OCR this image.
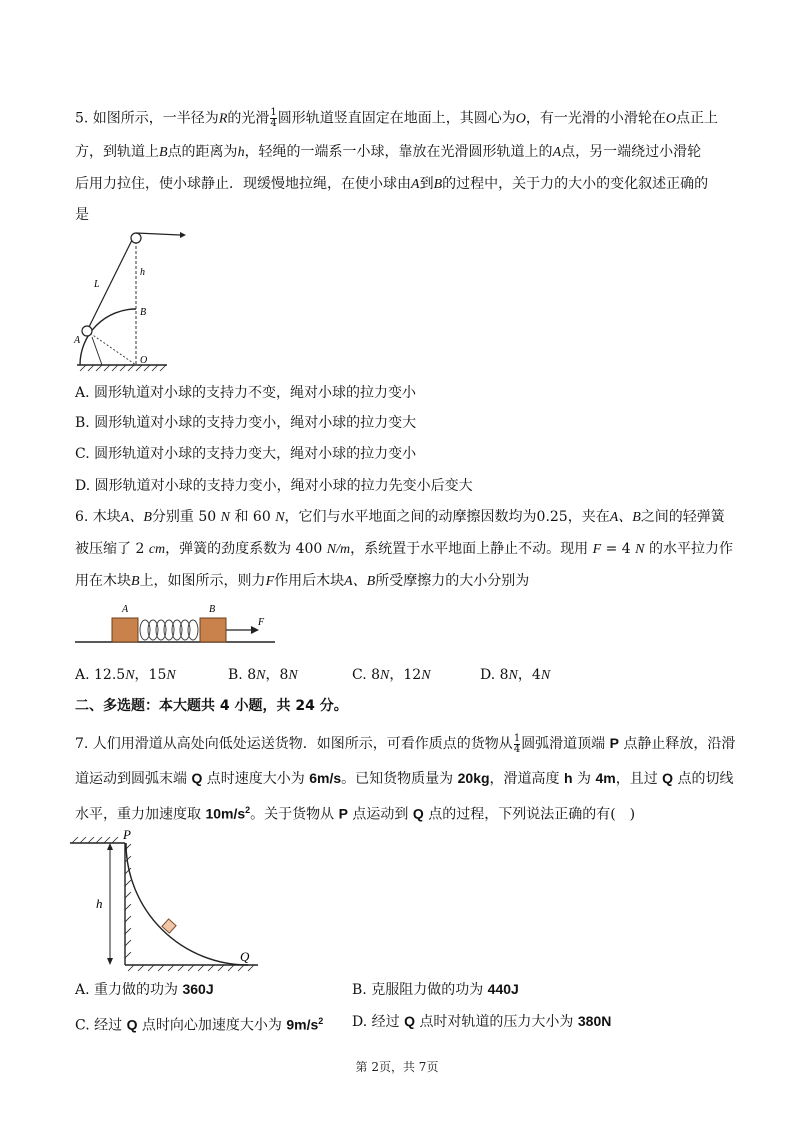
5. 如图所示，一半径为R的光滑 $\frac{1}{4}$ 圆形轨道竖直固定在地面上，其圆心为O，有一光滑的小滑轮在O点正上
方，到轨道上B点的距离为h，轻绳的一端系一小球，靠放在光滑圆形轨道上的A点，另一端绕过小滑轮
后用力拉住，使小球静止．现缓慢地拉绳，在使小球由A到B的过程中，关于力的大小的变化叙述正确的
是
L
h
B
A
O
A. 圆形轨道对小球的支持力不变，绳对小球的拉力变小
B. 圆形轨道对小球的支持力变小，绳对小球的拉力变大
C. 圆形轨道对小球的支持力变大，绳对小球的拉力变小
D. 圆形轨道对小球的支持力变小，绳对小球的拉力先变小后变大
6. 木块A、B分别重 50 N 和 60 N，它们与水平地面之间的动摩擦因数均为0.25，夹在A、B之间的轻弹簧
被压缩了 2 cm，弹簧的劲度系数为 400 N/m，系统置于水平地面上静止不动。现用 F = 4 N 的水平拉力作
用在木块B上，如图所示，则力F作用后木块A、B所受摩擦力的大小分别为
A	B
F
A. 12.5N，15N	B. 8N，8N	C. 8N，12N	D. 8N，4N
二、多选题：本大题共 4 小题，共 24 分。
7. 人们用滑道从高处向低处运送货物．如图所示，可看作质点的货物从 $\frac{1}{4}$ 圆弧滑道顶端 P 点静止释放，沿滑
道运动到圆弧末端 Q 点时速度大小为 6m/s。已知货物质量为 20kg，滑道高度 h 为 4m，且过 Q 点的切线
水平，重力加速度取 $10m/s^2$。关于货物从 P 点运动到 Q 点的过程，下列说法正确的有(　)
P
h
Q
A. 重力做的功为 360J	B. 克服阻力做的功为 440J
C. 经过 Q 点时向心加速度大小为 $9m/s^2$ D. 经过 Q 点时对轨道的压力大小为 380N
第 2页，共 7页
